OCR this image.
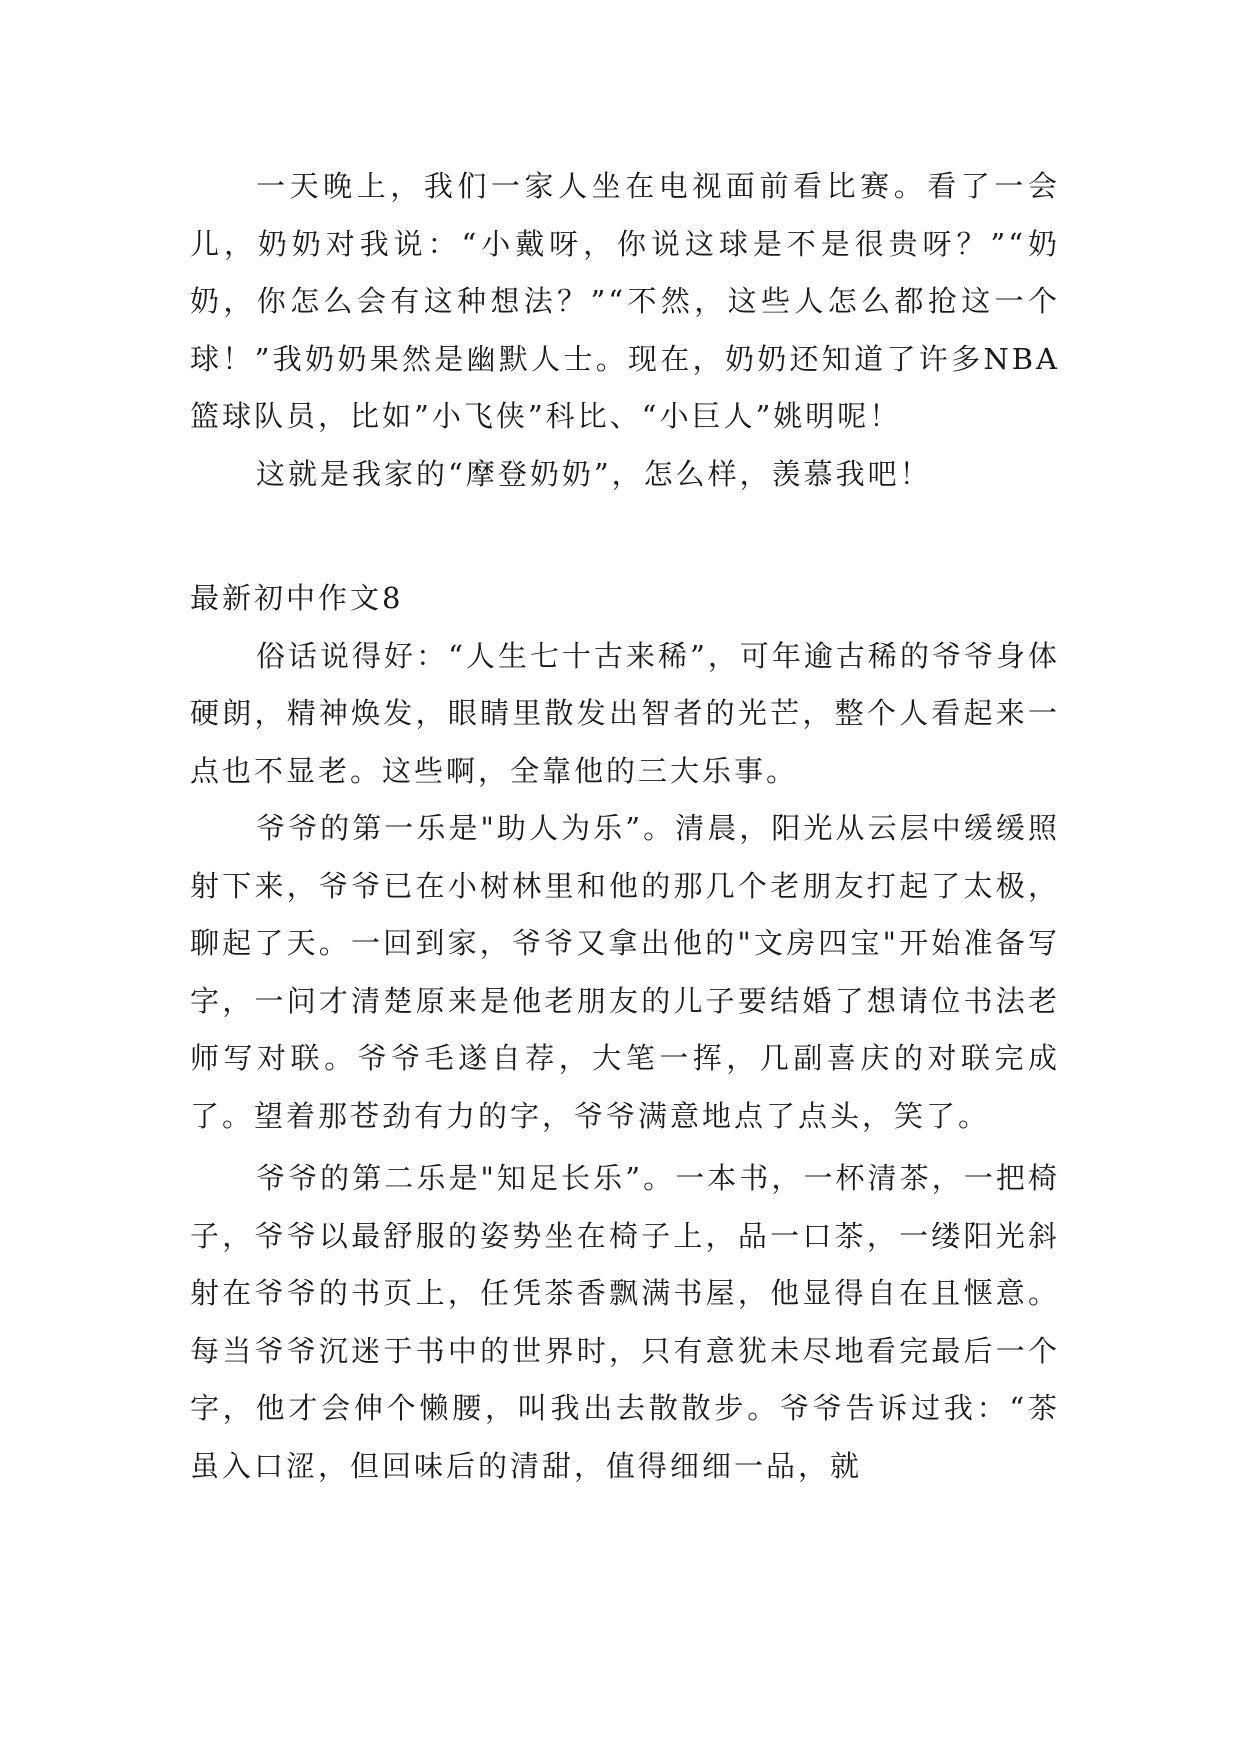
一天晚上，我们一家人坐在电视面前看比赛。看了一会儿，奶奶对我说：“小戴呀，你说这球是不是很贵呀？”“奶奶，你怎么会有这种想法？”“不然，这些人怎么都抢这一个球！”我奶奶果然是幽默人士。现在，奶奶还知道了许多NBA篮球队员，比如”小飞侠”科比、“小巨人”姚明呢！

这就是我家的“摩登奶奶”，怎么样，羡慕我吧！

最新初中作文8

俗话说得好：“人生七十古来稀”，可年逾古稀的爷爷身体硬朗，精神焕发，眼睛里散发出智者的光芒，整个人看起来一点也不显老。这些啊，全靠他的三大乐事。

爷爷的第一乐是"助人为乐”。清晨，阳光从云层中缓缓照射下来，爷爷已在小树林里和他的那几个老朋友打起了太极，聊起了天。一回到家，爷爷又拿出他的"文房四宝"开始准备写字，一问才清楚原来是他老朋友的儿子要结婚了想请位书法老师写对联。爷爷毛遂自荐，大笔一挥，几副喜庆的对联完成了。望着那苍劲有力的字，爷爷满意地点了点头，笑了。

爷爷的第二乐是"知足长乐”。一本书，一杯清茶，一把椅子，爷爷以最舒服的姿势坐在椅子上，品一口茶，一缕阳光斜射在爷爷的书页上，任凭茶香飘满书屋，他显得自在且惬意。每当爷爷沉迷于书中的世界时，只有意犹未尽地看完最后一个字，他才会伸个懒腰，叫我出去散散步。爷爷告诉过我：“茶虽入口涩，但回味后的清甜，值得细细一品，就
